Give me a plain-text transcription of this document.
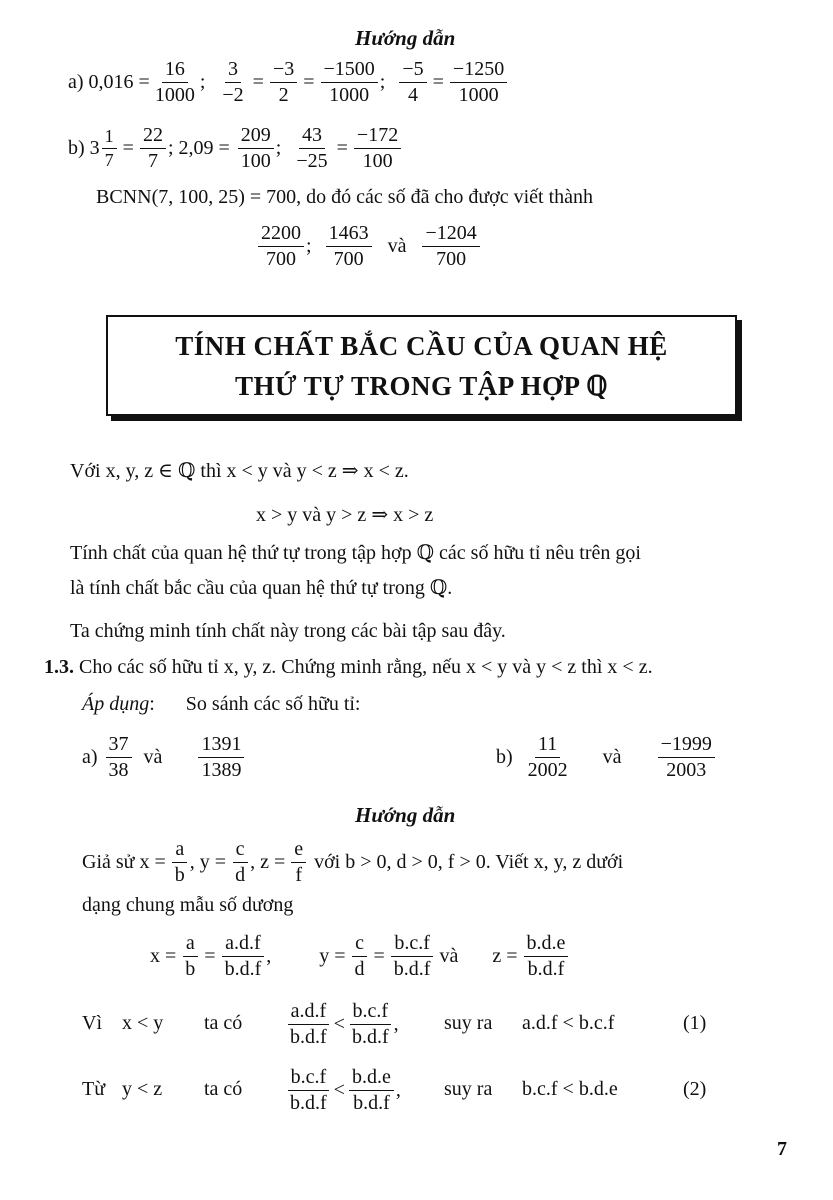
Hướng dẫn
a) $0,016 = \frac{16}{1000}$ ; $\frac{3}{-2} = \frac{-3}{2} = \frac{-1500}{1000}$ ; $\frac{-5}{4} = \frac{-1250}{1000}$
b) $3 \frac{1}{7} = \frac{22}{7}$ ; $2,09 = \frac{209}{100}$ ; $\frac{43}{-25} = \frac{-172}{100}$
BCNN(7, 100, 25) = 700, do đó các số đã cho được viết thành
$\frac{2200}{700}$ ; $\frac{1463}{700}$ và $\frac{-1204}{700}$
TÍNH CHẤT BẮC CẦU CỦA QUAN HỆ
THỨ TỰ TRONG TẬP HỢP ℚ
Với x, y, z ∈ ℚ thì x < y và y < z ⇒ x < z.
x > y và y > z ⇒ x > z
Tính chất của quan hệ thứ tự trong tập hợp ℚ các số hữu tỉ nêu trên gọi
là tính chất bắc cầu của quan hệ thứ tự trong ℚ.
Ta chứng minh tính chất này trong các bài tập sau đây.
1.3. Cho các số hữu tỉ x, y, z. Chứng minh rằng, nếu x < y và y < z thì x < z.
Áp dụng: So sánh các số hữu tỉ:
$a) \frac{37}{38}$ và $\frac{1391}{1389}$	$b) \frac{11}{2002}$ và $\frac{-1999}{2003}$
Hướng dẫn
Giả sử $x = \frac{a}{b}$ , $y = \frac{c}{d}$ , $z = \frac{e}{f}$ với b > 0, d > 0, f > 0. Viết x, y, z dưới
dạng chung mẫu số dương
$x = \frac{a}{b} = \frac{a.d.f}{b.d.f}$ , $y = \frac{c}{d} = \frac{b.c.f}{b.d.f}$ và $z = \frac{b.d.e}{b.d.f}$
Vì x < y ta có $\frac{a.d.f}{b.d.f} < \frac{b.c.f}{b.d.f}$ , suy ra a.d.f < b.c.f	(1)
Từ y < z ta có $\frac{b.c.f}{b.d.f} < \frac{b.d.e}{b.d.f}$ , suy ra b.c.f < b.d.e	(2)
7
